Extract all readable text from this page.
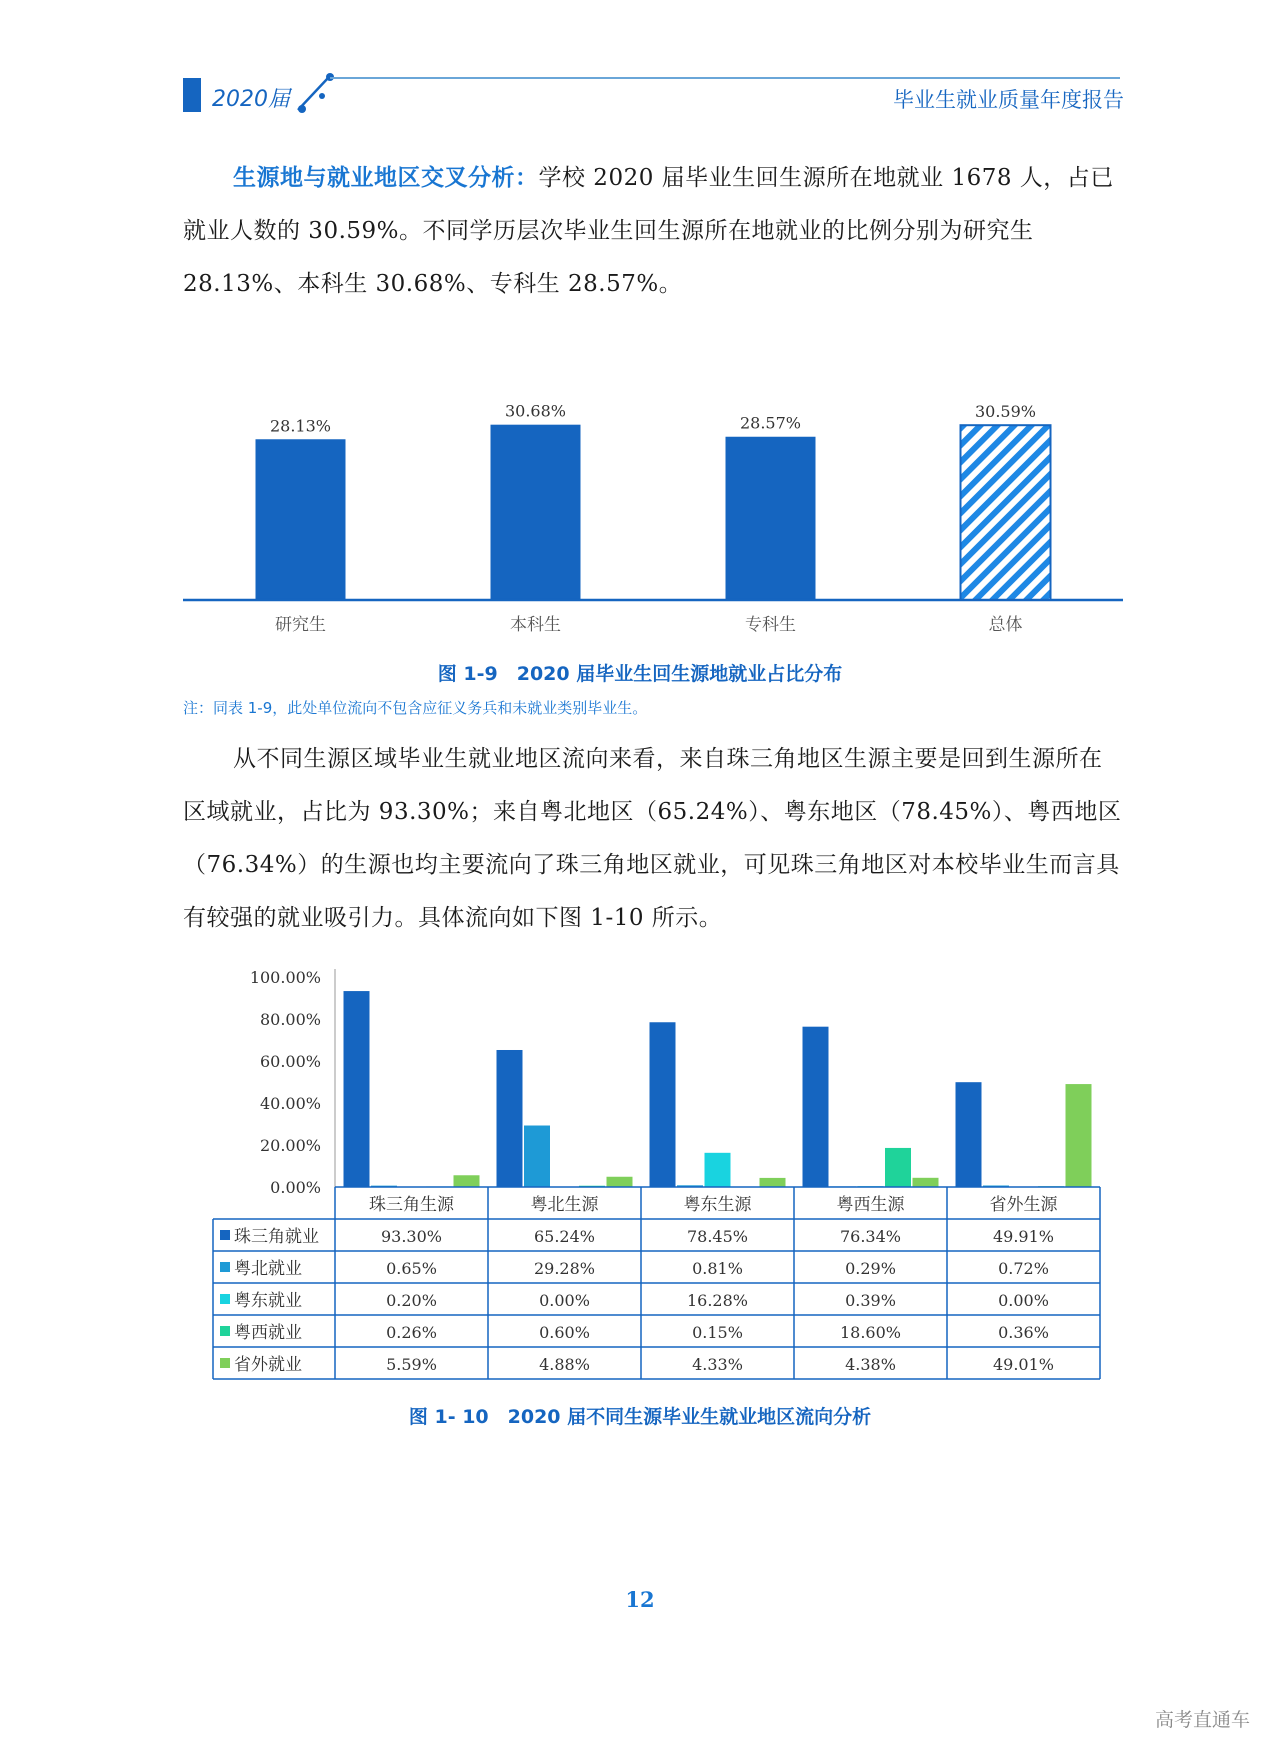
2020届	毕业生就业质量年度报告
生源地与就业地区交叉分析：学校 2020 届毕业生回生源所在地就业 1678 人，占已就业人数的 30.59%。不同学历层次毕业生回生源所在地就业的比例分别为研究生 28.13%、本科生 30.68%、专科生 28.57%。
28.13%
研究生
30.68%
本科生
28.57%
专科生
30.59%
总体
图 1-9　2020 届毕业生回生源地就业占比分布
注：同表 1-9，此处单位流向不包含应征义务兵和未就业类别毕业生。
从不同生源区域毕业生就业地区流向来看，来自珠三角地区生源主要是回到生源所在区域就业，占比为 93.30%；来自粤北地区（65.24%）、粤东地区（78.45%）、粤西地区（76.34%）的生源也均主要流向了珠三角地区就业，可见珠三角地区对本校毕业生而言具有较强的就业吸引力。具体流向如下图 1-10 所示。
0.00%
20.00%
40.00%
60.00%
80.00%
100.00%
珠三角生源	粤北生源	粤东生源	粤西生源	省外生源
珠三角就业	93.30%	65.24%	78.45%	76.34%	49.91%
粤北就业	0.65%	29.28%	0.81%	0.29%	0.72%
粤东就业	0.20%	0.00%	16.28%	0.39%	0.00%
粤西就业	0.26%	0.60%	0.15%	18.60%	0.36%
省外就业	5.59%	4.88%	4.33%	4.38%	49.01%
图 1- 10　2020 届不同生源毕业生就业地区流向分析
12
高考直通车
